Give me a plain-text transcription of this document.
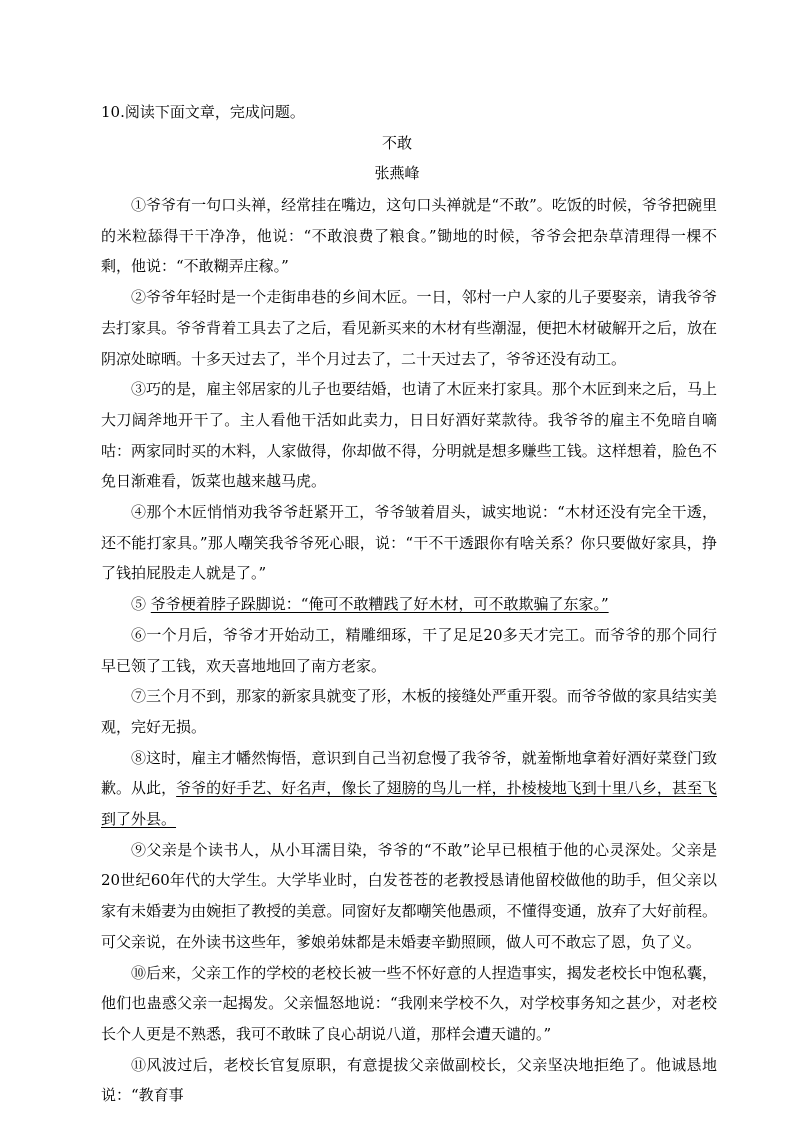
10.阅读下面文章，完成问题。
不敢
张燕峰

①爷爷有一句口头禅，经常挂在嘴边，这句口头禅就是“不敢”。吃饭的时候，爷爷把碗里的米粒舔得干干净净，他说：“不敢浪费了粮食。”锄地的时候，爷爷会把杂草清理得一棵不剩，他说：“不敢糊弄庄稼。”

②爷爷年轻时是一个走街串巷的乡间木匠。一日，邻村一户人家的儿子要娶亲，请我爷爷去打家具。爷爷背着工具去了之后，看见新买来的木材有些潮湿，便把木材破解开之后，放在阴凉处晾晒。十多天过去了，半个月过去了，二十天过去了，爷爷还没有动工。

③巧的是，雇主邻居家的儿子也要结婚，也请了木匠来打家具。那个木匠到来之后，马上大刀阔斧地开干了。主人看他干活如此卖力，日日好酒好菜款待。我爷爷的雇主不免暗自嘀咕：两家同时买的木料，人家做得，你却做不得，分明就是想多赚些工钱。这样想着，脸色不免日渐难看，饭菜也越来越马虎。

④那个木匠悄悄劝我爷爷赶紧开工，爷爷皱着眉头，诚实地说：“木材还没有完全干透，还不能打家具。”那人嘲笑我爷爷死心眼，说：“干不干透跟你有啥关系？你只要做好家具，挣了钱拍屁股走人就是了。”

⑤ 爷爷梗着脖子跺脚说：“俺可不敢糟践了好木材，可不敢欺骗了东家。”

⑥一个月后，爷爷才开始动工，精雕细琢，干了足足20多天才完工。而爷爷的那个同行早已领了工钱，欢天喜地地回了南方老家。

⑦三个月不到，那家的新家具就变了形，木板的接缝处严重开裂。而爷爷做的家具结实美观，完好无损。

⑧这时，雇主才幡然悔悟，意识到自己当初怠慢了我爷爷，就羞惭地拿着好酒好菜登门致歉。从此，爷爷的好手艺、好名声，像长了翅膀的鸟儿一样，扑棱棱地飞到十里八乡，甚至飞到了外县。

⑨父亲是个读书人，从小耳濡目染，爷爷的“不敢”论早已根植于他的心灵深处。父亲是20世纪60年代的大学生。大学毕业时，白发苍苍的老教授恳请他留校做他的助手，但父亲以家有未婚妻为由婉拒了教授的美意。同窗好友都嘲笑他愚顽，不懂得变通，放弃了大好前程。可父亲说，在外读书这些年，爹娘弟妹都是未婚妻辛勤照顾，做人可不敢忘了恩，负了义。

⑩后来，父亲工作的学校的老校长被一些不怀好意的人捏造事实，揭发老校长中饱私囊，他们也蛊惑父亲一起揭发。父亲愠怒地说：“我刚来学校不久，对学校事务知之甚少，对老校长个人更是不熟悉，我可不敢昧了良心胡说八道，那样会遭天谴的。”

⑪风波过后，老校长官复原职，有意提拔父亲做副校长，父亲坚决地拒绝了。他诚恳地说：“教育事
